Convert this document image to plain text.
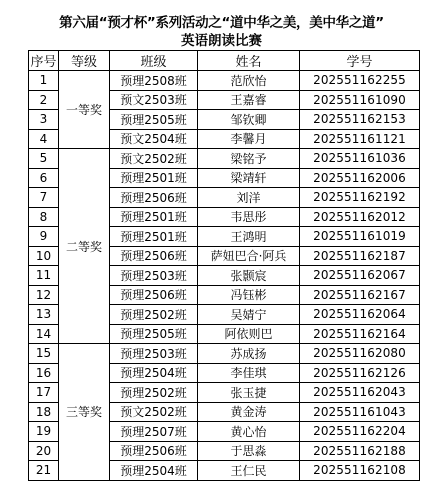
第六届“预才杯”系列活动之“道中华之美，美中华之道”
英语朗读比赛
序号	等级	班级	姓名	学号
1	一等奖	预理2508班	范欣怡	202551162255
2		预文2503班	王嘉睿	202551161090
3		预理2505班	邹钦卿	202551162153
4		预文2504班	李馨月	202551161121
5	二等奖	预文2502班	梁铭予	202551161036
6		预理2501班	梁靖轩	202551162006
7		预理2506班	刘洋	202551162192
8		预理2501班	韦思彤	202551162012
9		预理2501班	王鸿明	202551161019
10		预理2506班	萨妞巴合·阿兵	202551162187
11		预理2503班	张颢宸	202551162067
12		预理2506班	冯钰彬	202551162167
13		预理2502班	吴婧宁	202551162064
14		预理2505班	阿依则巴	202551162164
15	三等奖	预理2503班	苏成扬	202551162080
16		预理2504班	李佳琪	202551162126
17		预理2502班	张玉捷	202551162043
18		预文2502班	黄金涛	202551161043
19		预理2507班	黄心怡	202551162204
20		预理2506班	于思淼	202551162188
21		预理2504班	王仁民	202551162108
